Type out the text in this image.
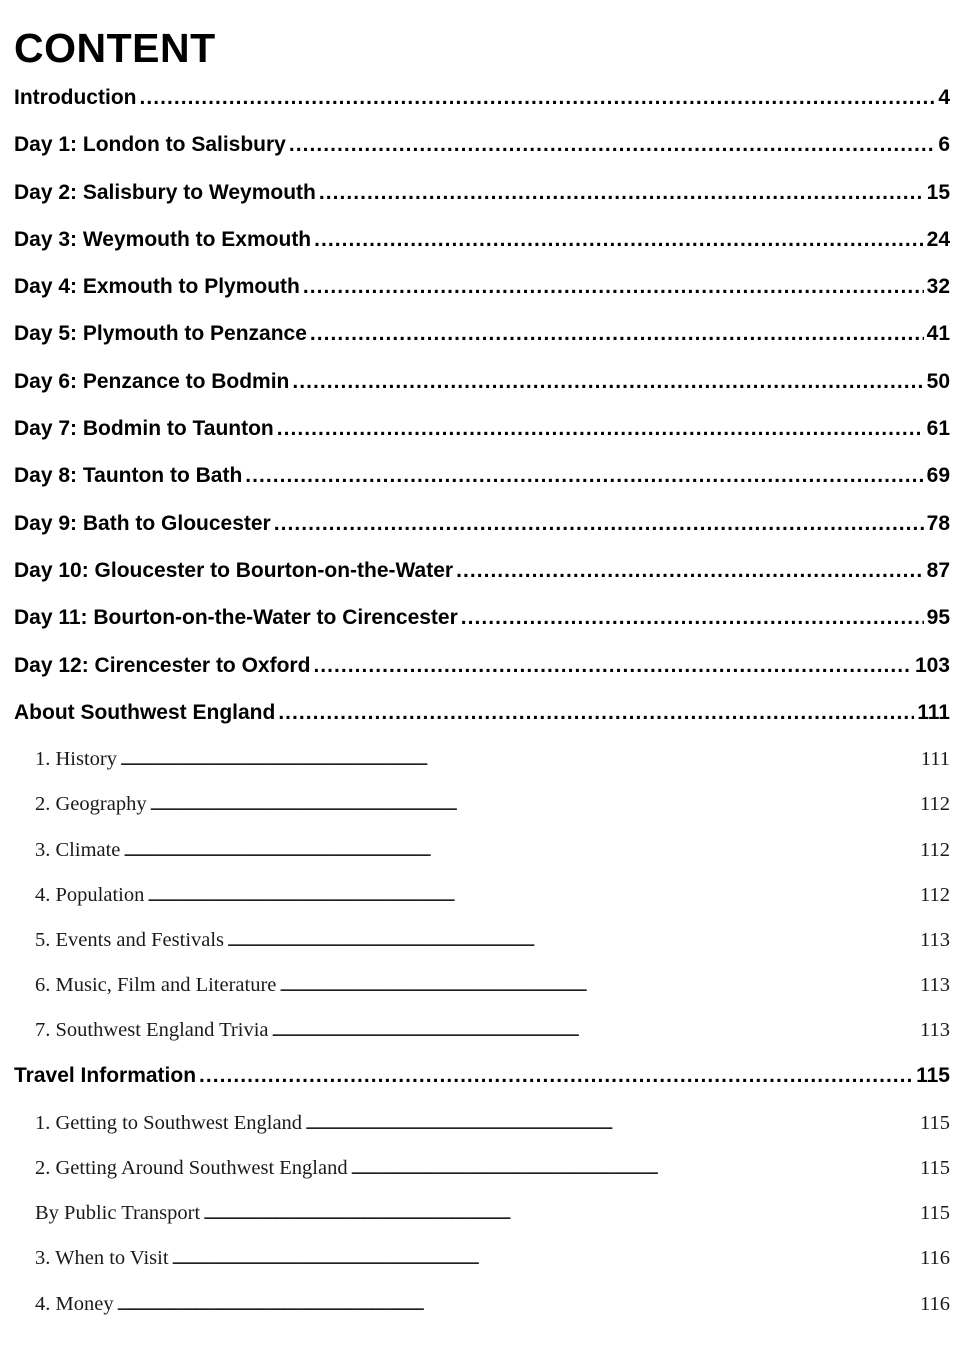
CONTENT
Introduction . . .	4
Day 1: London to Salisbury . . .	6
Day 2: Salisbury to Weymouth . . .	15
Day 3: Weymouth to Exmouth . . .	24
Day 4: Exmouth to Plymouth . . .	32
Day 5: Plymouth to Penzance . . .	41
Day 6: Penzance to Bodmin . . .	50
Day 7: Bodmin to Taunton . . .	61
Day 8: Taunton to Bath . . .	69
Day 9: Bath to Gloucester . . .	78
Day 10: Gloucester to Bourton-on-the-Water . . .	87
Day 11: Bourton-on-the-Water to Cirencester . . .	95
Day 12: Cirencester to Oxford . . .	103
About Southwest England . . .	111
1. History . . .	111
2. Geography . . .	112
3. Climate . . .	112
4. Population . . .	112
5. Events and Festivals . . .	113
6. Music, Film and Literature . . .	113
7. Southwest England Trivia . . .	113
Travel Information . . .	115
1. Getting to Southwest England . . .	115
2. Getting Around Southwest England . . .	115
By Public Transport . . .	115
3. When to Visit . . .	116
4. Money . . .	116
